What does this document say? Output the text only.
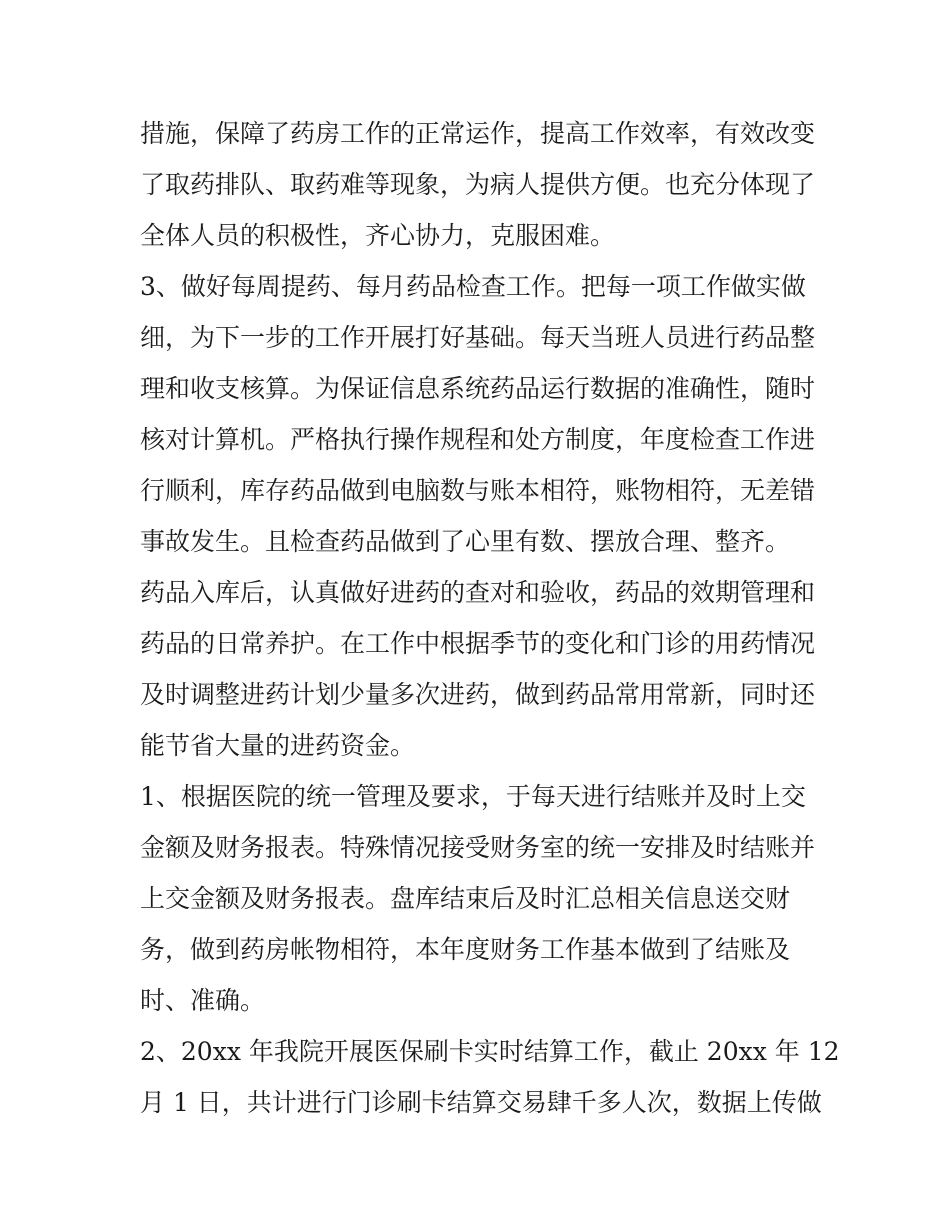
措施，保障了药房工作的正常运作，提高工作效率，有效改变
了取药排队、取药难等现象，为病人提供方便。也充分体现了
全体人员的积极性，齐心协力，克服困难。
3、做好每周提药、每月药品检查工作。把每一项工作做实做
细，为下一步的工作开展打好基础。每天当班人员进行药品整
理和收支核算。为保证信息系统药品运行数据的准确性，随时
核对计算机。严格执行操作规程和处方制度，年度检查工作进
行顺利，库存药品做到电脑数与账本相符，账物相符，无差错
事故发生。且检查药品做到了心里有数、摆放合理、整齐。
药品入库后，认真做好进药的查对和验收，药品的效期管理和
药品的日常养护。在工作中根据季节的变化和门诊的用药情况
及时调整进药计划少量多次进药，做到药品常用常新，同时还
能节省大量的进药资金。
1、根据医院的统一管理及要求，于每天进行结账并及时上交
金额及财务报表。特殊情况接受财务室的统一安排及时结账并
上交金额及财务报表。盘库结束后及时汇总相关信息送交财
务，做到药房帐物相符，本年度财务工作基本做到了结账及
时、准确。
2、20xx 年我院开展医保刷卡实时结算工作，截止 20xx 年 12
月 1 日，共计进行门诊刷卡结算交易肆千多人次，数据上传做
